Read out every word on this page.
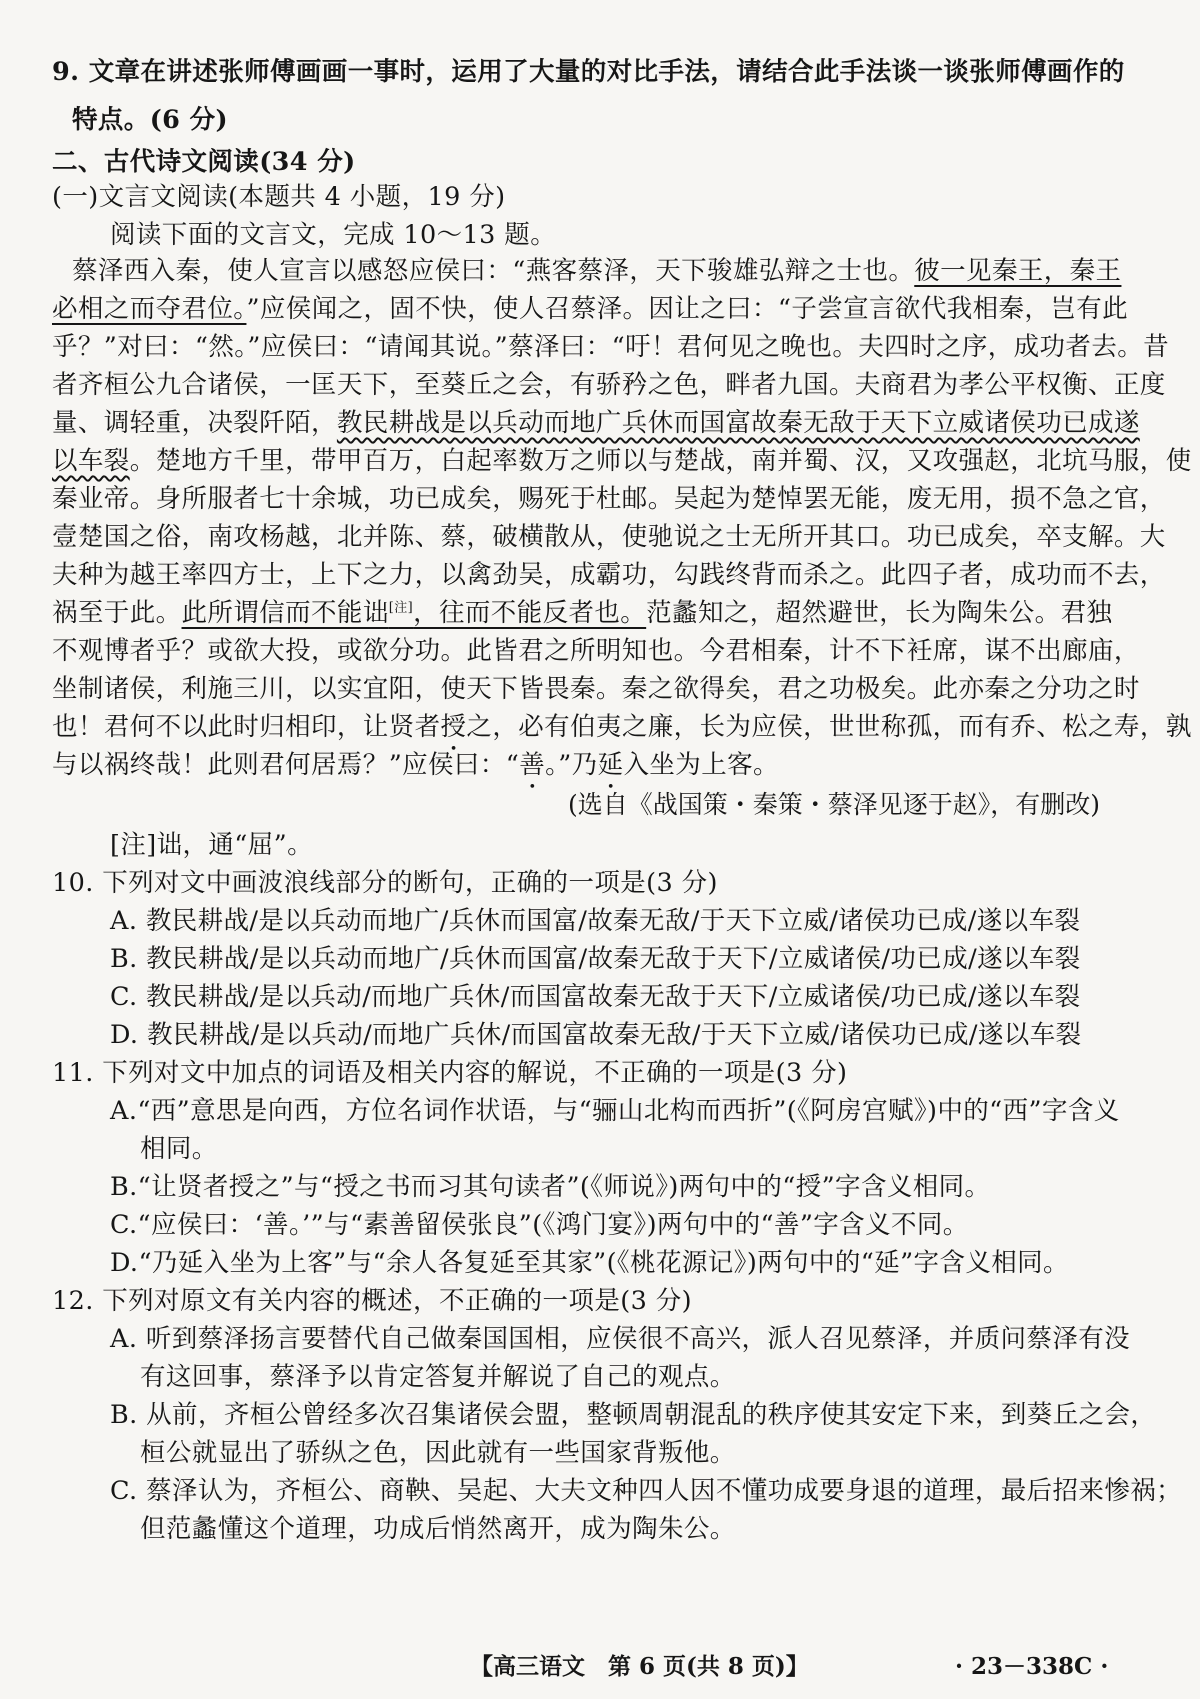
9. 文章在讲述张师傅画画一事时，运用了大量的对比手法，请结合此手法谈一谈张师傅画作的
特点。(6 分)
二、古代诗文阅读(34 分)
(一)文言文阅读(本题共 4 小题，19 分)
阅读下面的文言文，完成 10～13 题。
蔡泽西入秦，使人宣言以感怒应侯曰：“燕客蔡泽，天下骏雄弘辩之士也。彼一见秦王，秦王
必相之而夺君位。”应侯闻之，固不快，使人召蔡泽。因让之曰：“子尝宣言欲代我相秦，岂有此
乎？”对曰：“然。”应侯曰：“请闻其说。”蔡泽曰：“吁！君何见之晚也。夫四时之序，成功者去。昔
者齐桓公九合诸侯，一匡天下，至葵丘之会，有骄矜之色，畔者九国。夫商君为孝公平权衡、正度
量、调轻重，决裂阡陌，教民耕战是以兵动而地广兵休而国富故秦无敌于天下立威诸侯功已成遂
以车裂。楚地方千里，带甲百万，白起率数万之师以与楚战，南并蜀、汉，又攻强赵，北坑马服，使
秦业帝。身所服者七十余城，功已成矣，赐死于杜邮。吴起为楚悼罢无能，废无用，损不急之官，
壹楚国之俗，南攻杨越，北并陈、蔡，破横散从，使驰说之士无所开其口。功已成矣，卒支解。大
夫种为越王率四方士，上下之力，以禽劲吴，成霸功，勾践终背而杀之。此四子者，成功而不去，
祸至于此。此所谓信而不能诎[注]，往而不能反者也。范蠡知之，超然避世，长为陶朱公。君独
不观博者乎？或欲大投，或欲分功。此皆君之所明知也。今君相秦，计不下衽席，谋不出廊庙，
坐制诸侯，利施三川，以实宜阳，使天下皆畏秦。秦之欲得矣，君之功极矣。此亦秦之分功之时
也！君何不以此时归相印，让贤者授之，必有伯夷之廉，长为应侯，世世称孤，而有乔、松之寿，孰
与以祸终哉！此则君何居焉？”应侯曰：“善。”乃延入坐为上客。
(选自《战国策・秦策・蔡泽见逐于赵》，有删改)
[注]诎，通“屈”。
10. 下列对文中画波浪线部分的断句，正确的一项是(3 分)
A. 教民耕战/是以兵动而地广/兵休而国富/故秦无敌/于天下立威/诸侯功已成/遂以车裂
B. 教民耕战/是以兵动而地广/兵休而国富/故秦无敌于天下/立威诸侯/功已成/遂以车裂
C. 教民耕战/是以兵动/而地广兵休/而国富故秦无敌于天下/立威诸侯/功已成/遂以车裂
D. 教民耕战/是以兵动/而地广兵休/而国富故秦无敌/于天下立威/诸侯功已成/遂以车裂
11. 下列对文中加点的词语及相关内容的解说，不正确的一项是(3 分)
A.“西”意思是向西，方位名词作状语，与“骊山北构而西折”(《阿房宫赋》)中的“西”字含义
相同。
B.“让贤者授之”与“授之书而习其句读者”(《师说》)两句中的“授”字含义相同。
C.“应侯曰：‘善。’”与“素善留侯张良”(《鸿门宴》)两句中的“善”字含义不同。
D.“乃延入坐为上客”与“余人各复延至其家”(《桃花源记》)两句中的“延”字含义相同。
12. 下列对原文有关内容的概述，不正确的一项是(3 分)
A. 听到蔡泽扬言要替代自己做秦国国相，应侯很不高兴，派人召见蔡泽，并质问蔡泽有没
有这回事，蔡泽予以肯定答复并解说了自己的观点。
B. 从前，齐桓公曾经多次召集诸侯会盟，整顿周朝混乱的秩序使其安定下来，到葵丘之会，
桓公就显出了骄纵之色，因此就有一些国家背叛他。
C. 蔡泽认为，齐桓公、商鞅、吴起、大夫文种四人因不懂功成要身退的道理，最后招来惨祸；
但范蠡懂这个道理，功成后悄然离开，成为陶朱公。
【高三语文　第 6 页(共 8 页)】	· 23－338C ·
